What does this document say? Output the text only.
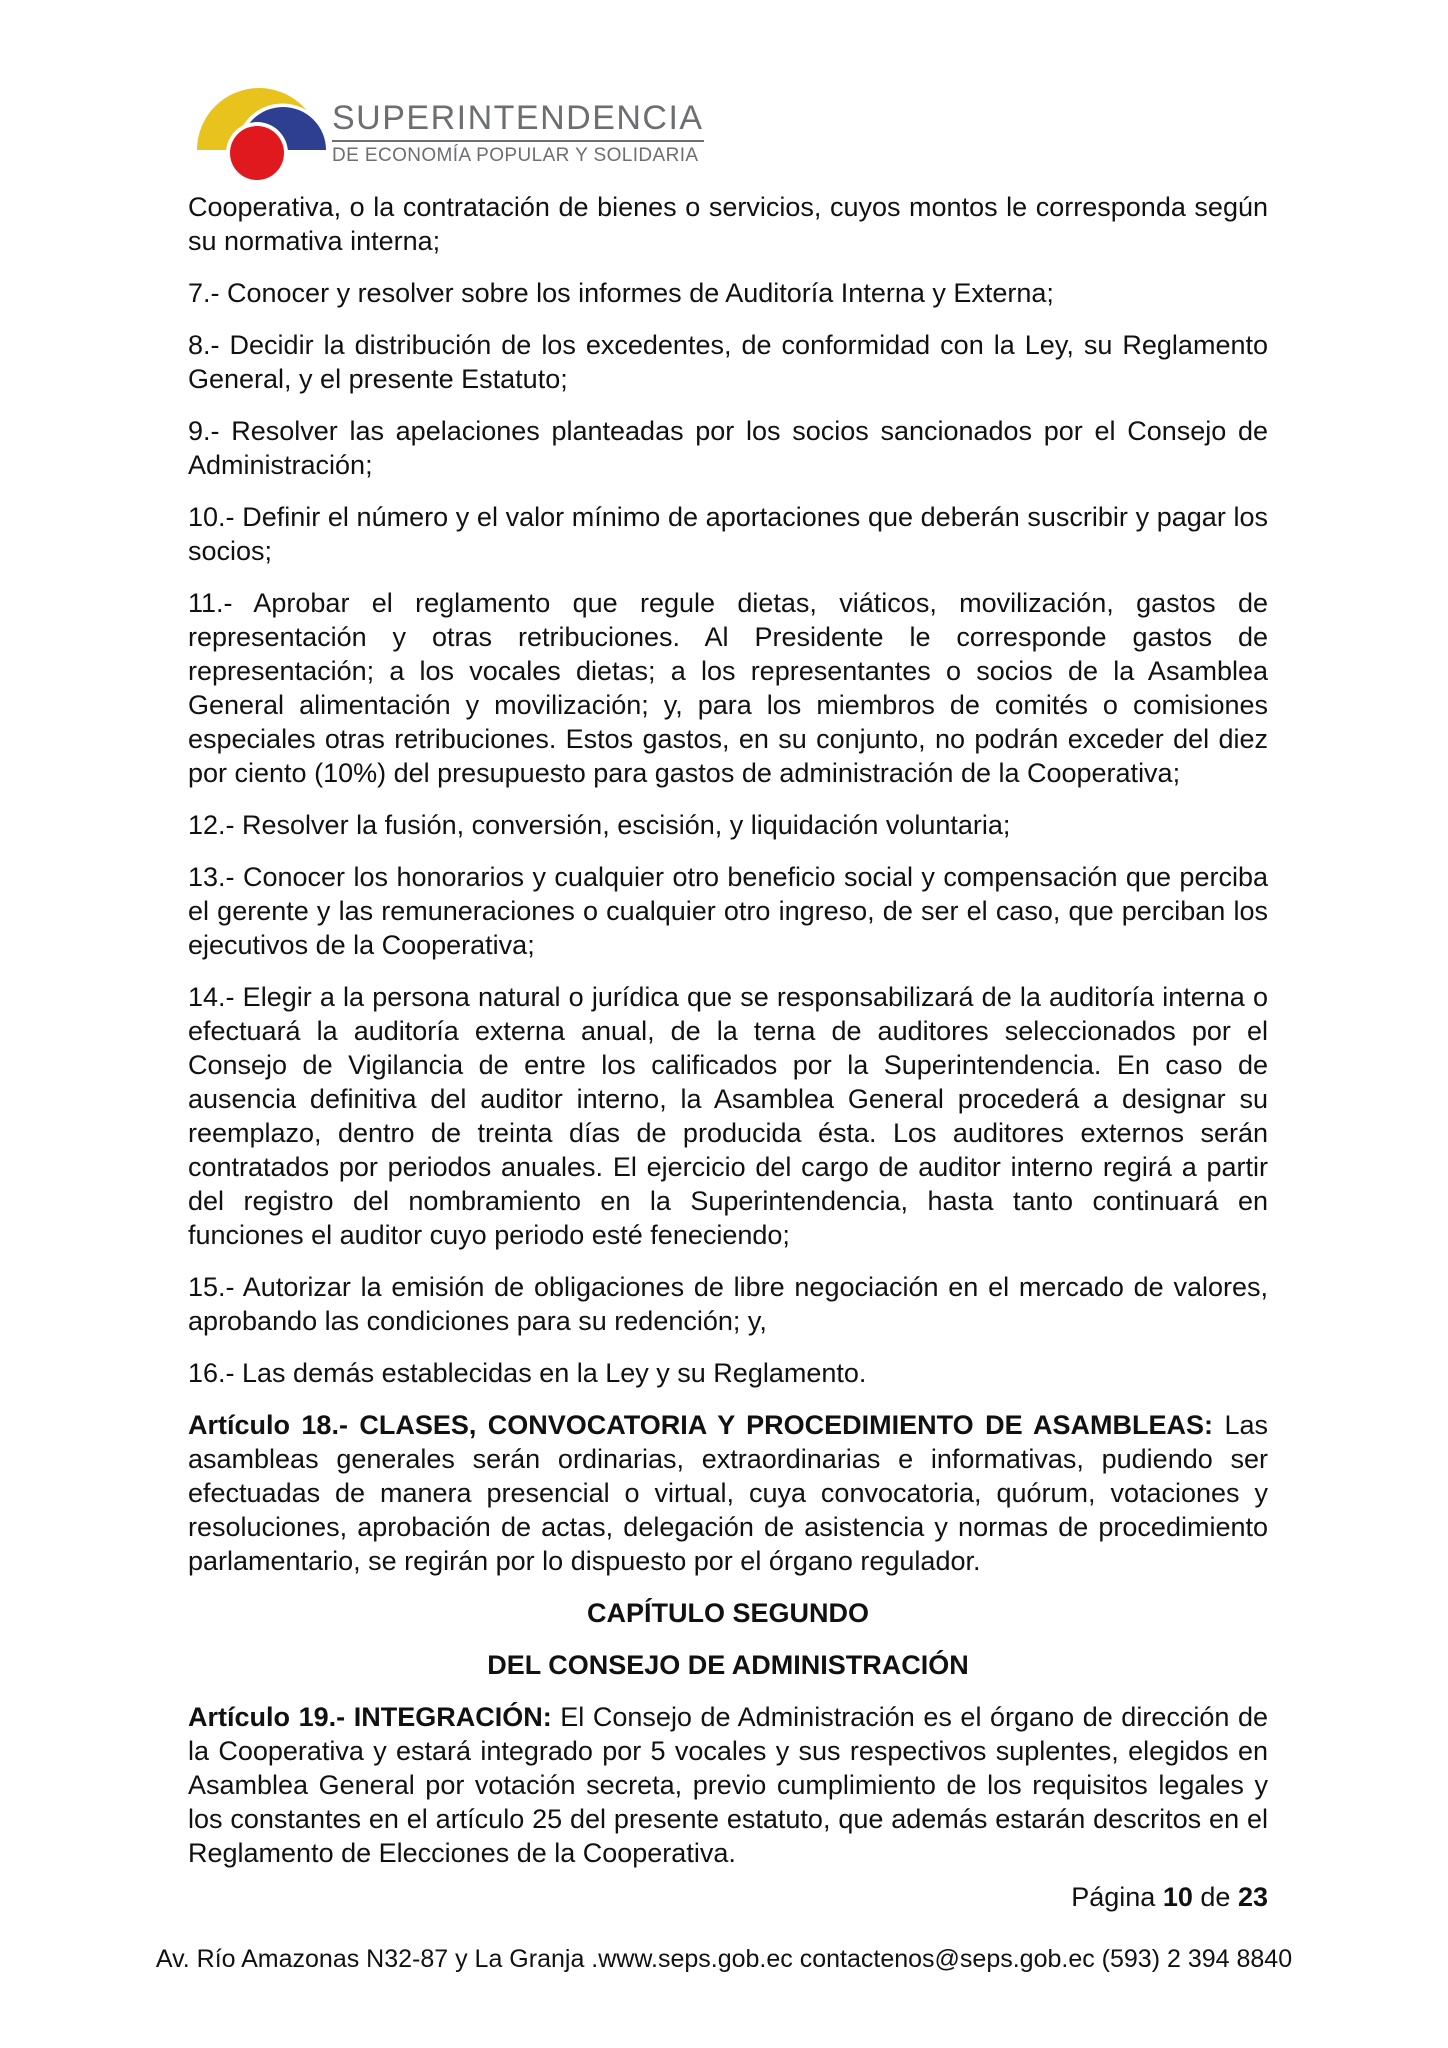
SUPERINTENDENCIA
DE ECONOMÍA POPULAR Y SOLIDARIA

Cooperativa, o la contratación de bienes o servicios, cuyos montos le corresponda según su normativa interna;

7.- Conocer y resolver sobre los informes de Auditoría Interna y Externa;

8.- Decidir la distribución de los excedentes, de conformidad con la Ley, su Reglamento General, y el presente Estatuto;

9.- Resolver las apelaciones planteadas por los socios sancionados por el Consejo de Administración;

10.- Definir el número y el valor mínimo de aportaciones que deberán suscribir y pagar los socios;

11.- Aprobar el reglamento que regule dietas, viáticos, movilización, gastos de representación y otras retribuciones. Al Presidente le corresponde gastos de representación; a los vocales dietas; a los representantes o socios de la Asamblea General alimentación y movilización; y, para los miembros de comités o comisiones especiales otras retribuciones. Estos gastos, en su conjunto, no podrán exceder del diez por ciento (10%) del presupuesto para gastos de administración de la Cooperativa;

12.- Resolver la fusión, conversión, escisión, y liquidación voluntaria;

13.- Conocer los honorarios y cualquier otro beneficio social y compensación que perciba el gerente y las remuneraciones o cualquier otro ingreso, de ser el caso, que perciban los ejecutivos de la Cooperativa;

14.- Elegir a la persona natural o jurídica que se responsabilizará de la auditoría interna o efectuará la auditoría externa anual, de la terna de auditores seleccionados por el Consejo de Vigilancia de entre los calificados por la Superintendencia. En caso de ausencia definitiva del auditor interno, la Asamblea General procederá a designar su reemplazo, dentro de treinta días de producida ésta. Los auditores externos serán contratados por periodos anuales. El ejercicio del cargo de auditor interno regirá a partir del registro del nombramiento en la Superintendencia, hasta tanto continuará en funciones el auditor cuyo periodo esté feneciendo;

15.- Autorizar la emisión de obligaciones de libre negociación en el mercado de valores, aprobando las condiciones para su redención; y,

16.- Las demás establecidas en la Ley y su Reglamento.

Artículo 18.- CLASES, CONVOCATORIA Y PROCEDIMIENTO DE ASAMBLEAS: Las asambleas generales serán ordinarias, extraordinarias e informativas, pudiendo ser efectuadas de manera presencial o virtual, cuya convocatoria, quórum, votaciones y resoluciones, aprobación de actas, delegación de asistencia y normas de procedimiento parlamentario, se regirán por lo dispuesto por el órgano regulador.

CAPÍTULO SEGUNDO

DEL CONSEJO DE ADMINISTRACIÓN

Artículo 19.- INTEGRACIÓN: El Consejo de Administración es el órgano de dirección de la Cooperativa y estará integrado por 5 vocales y sus respectivos suplentes, elegidos en Asamblea General por votación secreta, previo cumplimiento de los requisitos legales y los constantes en el artículo 25 del presente estatuto, que además estarán descritos en el Reglamento de Elecciones de la Cooperativa.

Página 10 de 23
Av. Río Amazonas N32-87 y La Granja .www.seps.gob.ec contactenos@seps.gob.ec (593) 2 394 8840
